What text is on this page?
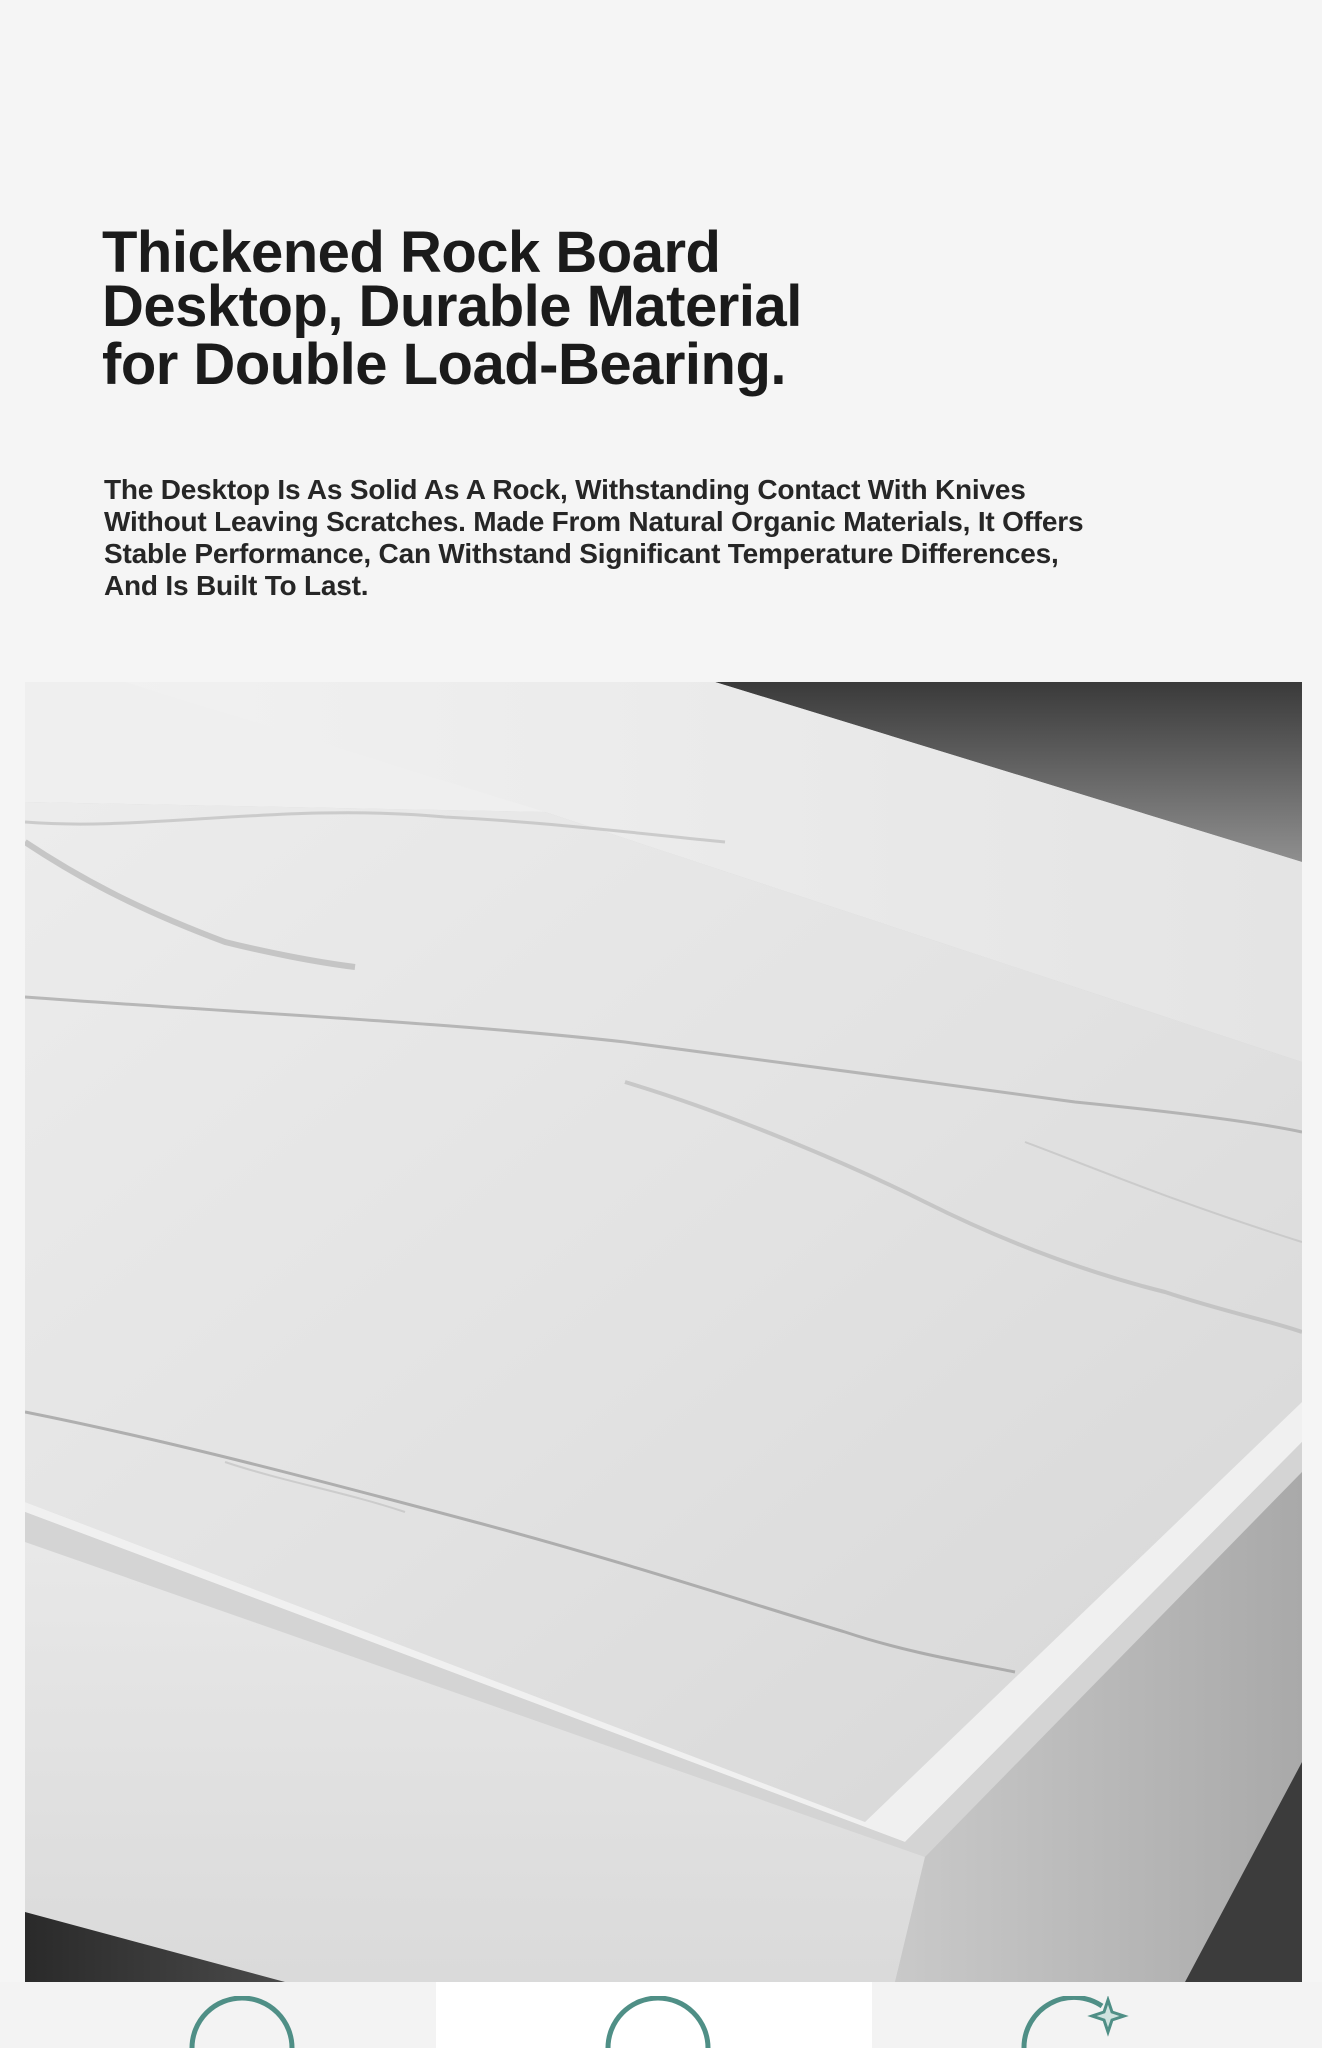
Thickened Rock Board
Desktop, Durable Material
for Double Load-Bearing.

The Desktop Is As Solid As A Rock, Withstanding Contact With Knives Without Leaving Scratches. Made From Natural Organic Materials, It Offers Stable Performance, Can Withstand Significant Temperature Differences, And Is Built To Last.
